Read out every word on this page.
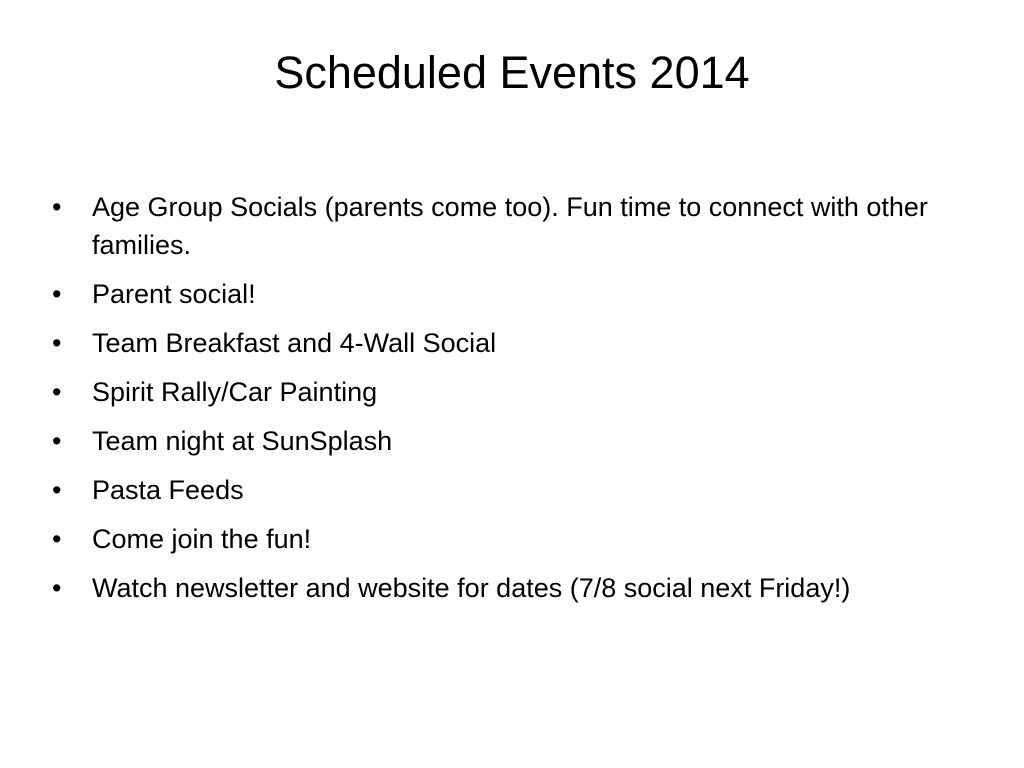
Scheduled Events 2014
•	Age Group Socials (parents come too). Fun time to connect with other families.
•	Parent social!
•	Team Breakfast and 4-Wall Social
•	Spirit Rally/Car Painting
•	Team night at SunSplash
•	Pasta Feeds
•	Come join the fun!
•	Watch newsletter and website for dates (7/8 social next Friday!)
